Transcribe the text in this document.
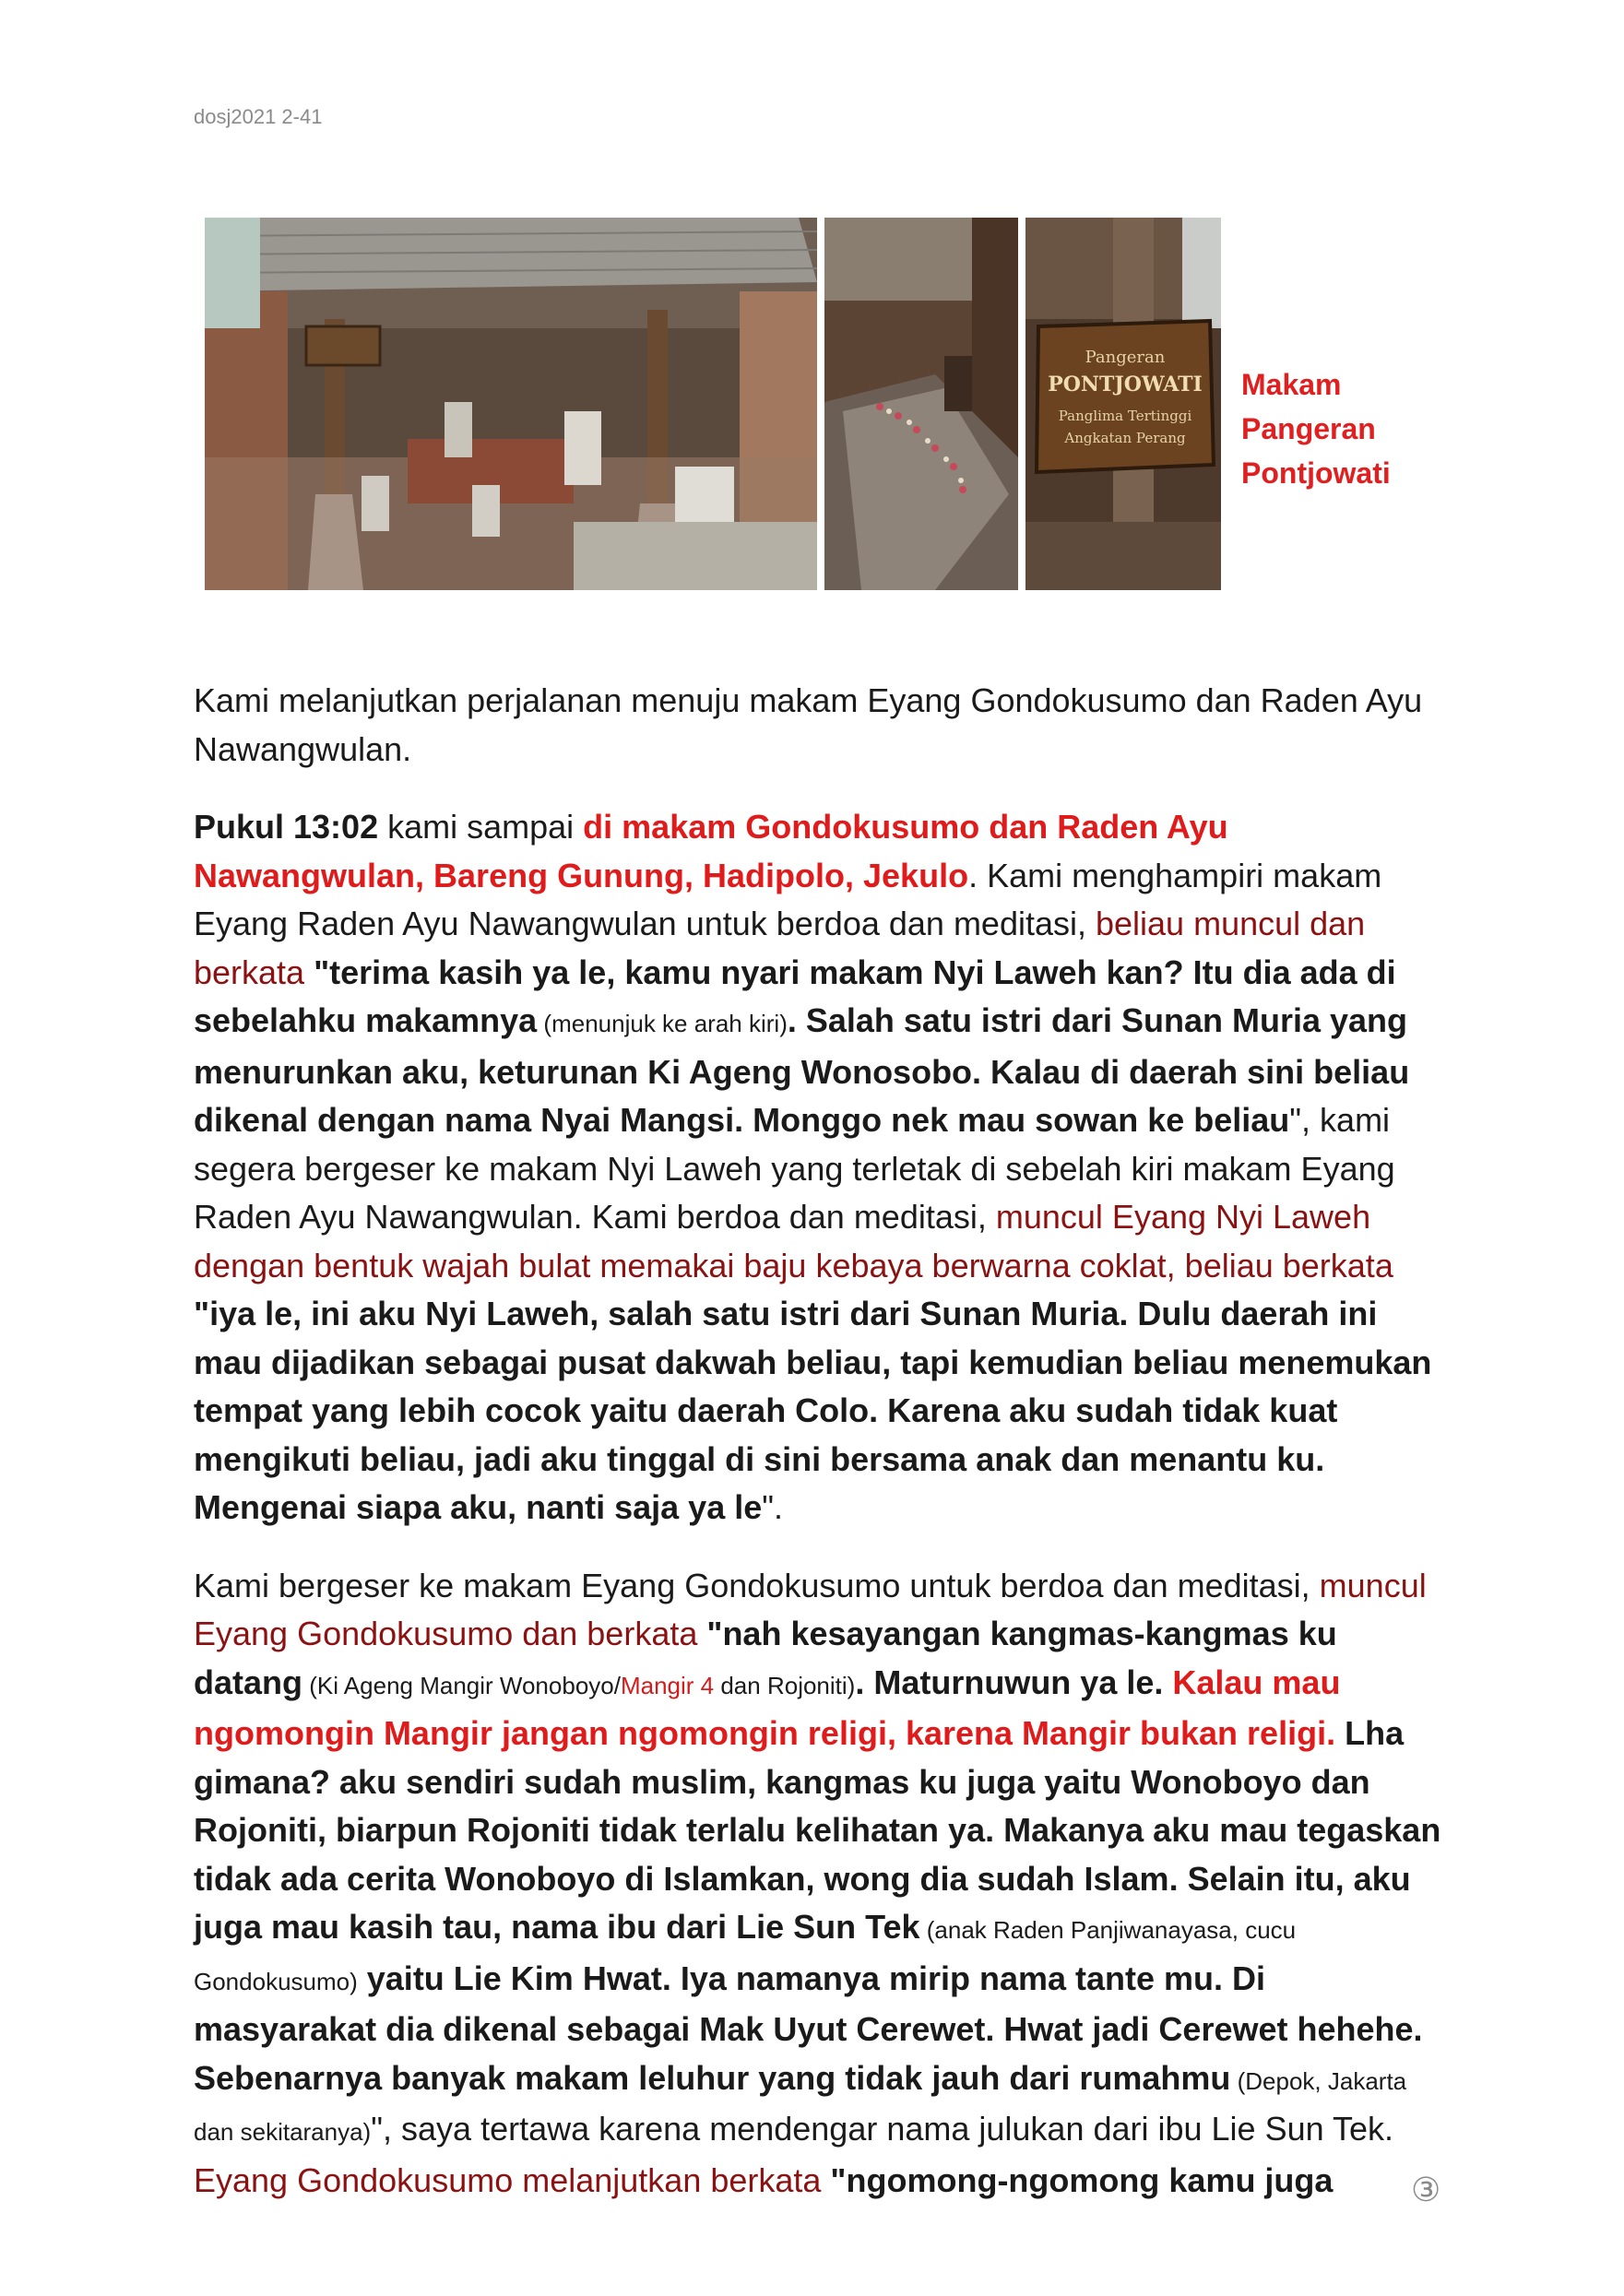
dosj2021 2-41
Pangeran
PONTJOWATI
Panglima Tertinggi
Angkatan Perang
Makam
Pangeran
Pontjowati

Kami melanjutkan perjalanan menuju makam Eyang Gondokusumo dan Raden Ayu Nawangwulan.

Pukul 13:02 kami sampai di makam Gondokusumo dan Raden Ayu Nawangwulan, Bareng Gunung, Hadipolo, Jekulo. Kami menghampiri makam Eyang Raden Ayu Nawangwulan untuk berdoa dan meditasi, beliau muncul dan berkata "terima kasih ya le, kamu nyari makam Nyi Laweh kan? Itu dia ada di sebelahku makamnya (menunjuk ke arah kiri). Salah satu istri dari Sunan Muria yang menurunkan aku, keturunan Ki Ageng Wonosobo. Kalau di daerah sini beliau dikenal dengan nama Nyai Mangsi. Monggo nek mau sowan ke beliau", kami segera bergeser ke makam Nyi Laweh yang terletak di sebelah kiri makam Eyang Raden Ayu Nawangwulan. Kami berdoa dan meditasi, muncul Eyang Nyi Laweh dengan bentuk wajah bulat memakai baju kebaya berwarna coklat, beliau berkata "iya le, ini aku Nyi Laweh, salah satu istri dari Sunan Muria. Dulu daerah ini mau dijadikan sebagai pusat dakwah beliau, tapi kemudian beliau menemukan tempat yang lebih cocok yaitu daerah Colo. Karena aku sudah tidak kuat mengikuti beliau, jadi aku tinggal di sini bersama anak dan menantu ku. Mengenai siapa aku, nanti saja ya le".

Kami bergeser ke makam Eyang Gondokusumo untuk berdoa dan meditasi, muncul Eyang Gondokusumo dan berkata "nah kesayangan kangmas-kangmas ku datang (Ki Ageng Mangir Wonoboyo/Mangir 4 dan Rojoniti). Maturnuwun ya le. Kalau mau ngomongin Mangir jangan ngomongin religi, karena Mangir bukan religi. Lha gimana? aku sendiri sudah muslim, kangmas ku juga yaitu Wonoboyo dan Rojoniti, biarpun Rojoniti tidak terlalu kelihatan ya. Makanya aku mau tegaskan tidak ada cerita Wonoboyo di Islamkan, wong dia sudah Islam. Selain itu, aku juga mau kasih tau, nama ibu dari Lie Sun Tek (anak Raden Panjiwanayasa, cucu Gondokusumo) yaitu Lie Kim Hwat. Iya namanya mirip nama tante mu. Di masyarakat dia dikenal sebagai Mak Uyut Cerewet. Hwat jadi Cerewet hehehe. Sebenarnya banyak makam leluhur yang tidak jauh dari rumahmu (Depok, Jakarta dan sekitaranya)", saya tertawa karena mendengar nama julukan dari ibu Lie Sun Tek. Eyang Gondokusumo melanjutkan berkata "ngomong-ngomong kamu juga	③
